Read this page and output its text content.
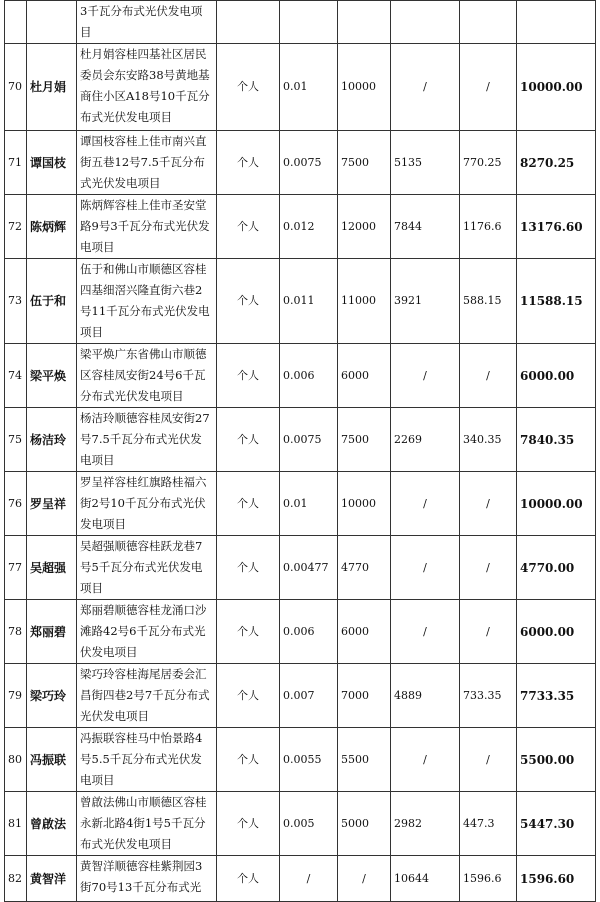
		3千瓦分布式光伏发电项目						
70	杜月娟	杜月娟容桂四基社区居民委员会东安路38号黄地基商住小区A18号10千瓦分布式光伏发电项目	个人	0.01	10000	/	/	10000.00
71	谭国枝	谭国枝容桂上佳市南兴直街五巷12号7.5千瓦分布式光伏发电项目	个人	0.0075	7500	5135	770.25	8270.25
72	陈炳辉	陈炳辉容桂上佳市圣安堂路9号3千瓦分布式光伏发电项目	个人	0.012	12000	7844	1176.6	13176.60
73	伍于和	伍于和佛山市顺德区容桂四基细滘兴隆直街六巷2号11千瓦分布式光伏发电项目	个人	0.011	11000	3921	588.15	11588.15
74	梁平焕	梁平焕广东省佛山市顺德区容桂凤安街24号6千瓦分布式光伏发电项目	个人	0.006	6000	/	/	6000.00
75	杨洁玲	杨洁玲顺德容桂凤安街27号7.5千瓦分布式光伏发电项目	个人	0.0075	7500	2269	340.35	7840.35
76	罗呈祥	罗呈祥容桂红旗路桂福六街2号10千瓦分布式光伏发电项目	个人	0.01	10000	/	/	10000.00
77	吴超强	吴超强顺德容桂跃龙巷7号5千瓦分布式光伏发电项目	个人	0.00477	4770	/	/	4770.00
78	郑丽碧	郑丽碧顺德容桂龙涌口沙滩路42号6千瓦分布式光伏发电项目	个人	0.006	6000	/	/	6000.00
79	梁巧玲	梁巧玲容桂海尾居委会汇昌街四巷2号7千瓦分布式光伏发电项目	个人	0.007	7000	4889	733.35	7733.35
80	冯振联	冯振联容桂马中怡景路4号5.5千瓦分布式光伏发电项目	个人	0.0055	5500	/	/	5500.00
81	曾啟法	曾啟法佛山市顺德区容桂永新北路4街1号5千瓦分布式光伏发电项目	个人	0.005	5000	2982	447.3	5447.30
82	黄智洋	黄智洋顺德容桂紫荆园3街70号13千瓦分布式光	个人	/	/	10644	1596.6	1596.60
